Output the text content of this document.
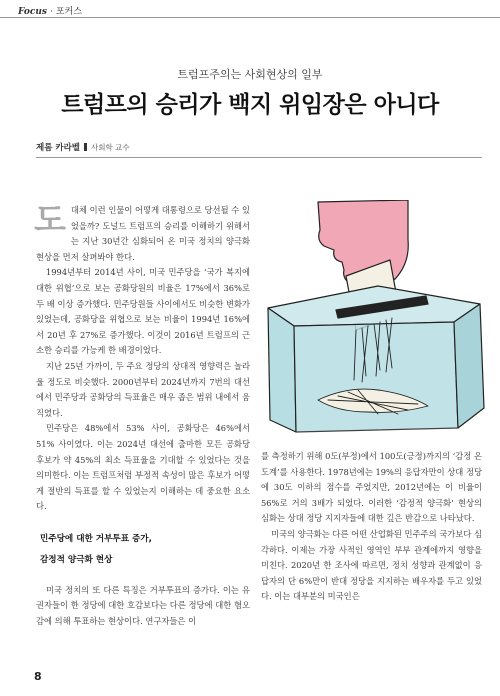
Focus · 포커스
트럼프주의는 사회현상의 일부
트럼프의 승리가 백지 위임장은 아니다
제롬 카라벨 사회학 교수

도대체 이런 인물이 어떻게 대통령으로 당선될 수 있었을까? 도널드 트럼프의 승리를 이해하기 위해서는 지난 30년간 심화되어 온 미국 정치의 양극화 현상을 먼저 살펴봐야 한다.

1994년부터 2014년 사이, 미국 민주당을 ‘국가 복지에 대한 위협’으로 보는 공화당원의 비율은 17%에서 36%로 두 배 이상 증가했다. 민주당원들 사이에서도 비슷한 변화가 있었는데, 공화당을 위협으로 보는 비율이 1994년 16%에서 20년 후 27%로 증가했다. 이것이 2016년 트럼프의 근소한 승리를 가능케 한 배경이었다.

지난 25년 가까이, 두 주요 정당의 상대적 영향력은 놀라울 정도로 비슷했다. 2000년부터 2024년까지 7번의 대선에서 민주당과 공화당의 득표율은 매우 좁은 범위 내에서 움직였다.

민주당은 48%에서 53% 사이, 공화당은 46%에서 51% 사이였다. 이는 2024년 대선에 출마한 모든 공화당 후보가 약 45%의 최소 득표율을 기대할 수 있었다는 것을 의미한다. 이는 트럼프처럼 부정적 속성이 많은 후보가 어떻게 절반의 득표를 할 수 있었는지 이해하는 데 중요한 요소다.

민주당에 대한 거부투표 증가,
감정적 양극화 현상

미국 정치의 또 다른 특징은 거부투표의 증가다. 이는 유권자들이 한 정당에 대한 호감보다는 다른 정당에 대한 혐오감에 의해 투표하는 현상이다. 연구자들은 이

를 측정하기 위해 0도(부정)에서 100도(긍정)까지의 ‘감정 온도계’를 사용한다. 1978년에는 19%의 응답자만이 상대 정당에 30도 이하의 점수를 주었지만, 2012년에는 이 비율이 56%로 거의 3배가 되었다. 이러한 ‘감정적 양극화’ 현상의 심화는 상대 정당 지지자들에 대한 깊은 반감으로 나타났다.

미국의 양극화는 다른 어떤 산업화된 민주주의 국가보다 심각하다. 이제는 가장 사적인 영역인 부부 관계에까지 영향을 미친다. 2020년 한 조사에 따르면, 정치 성향과 관계없이 응답자의 단 6%만이 반대 정당을 지지하는 배우자를 두고 있었다. 이는 대부분의 미국인은

8
